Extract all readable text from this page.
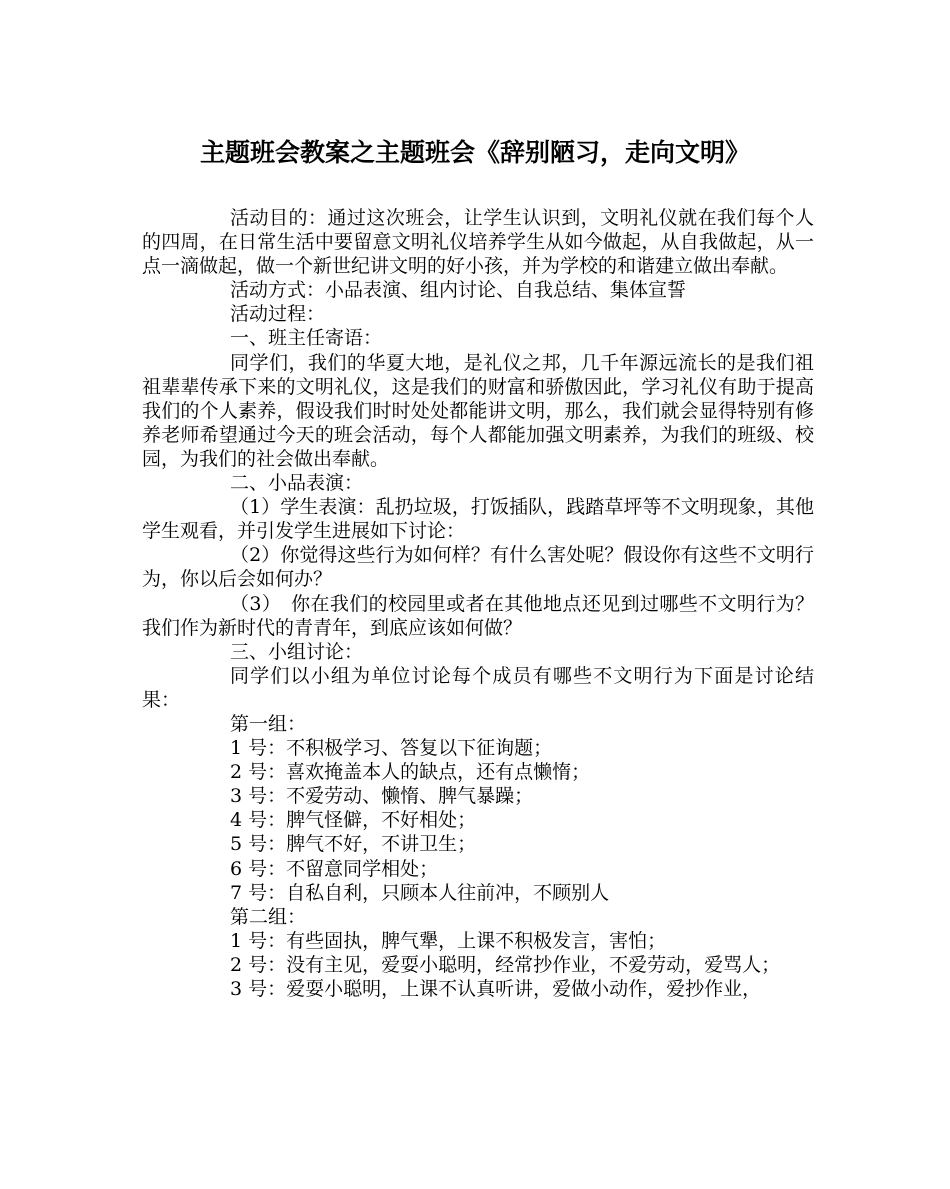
主题班会教案之主题班会《辞别陋习，走向文明》

活动目的：通过这次班会，让学生认识到，文明礼仪就在我们每个人的四周，在日常生活中要留意文明礼仪培养学生从如今做起，从自我做起，从一点一滴做起，做一个新世纪讲文明的好小孩，并为学校的和谐建立做出奉献。

活动方式：小品表演、组内讨论、自我总结、集体宣誓

活动过程：

一、班主任寄语：

同学们，我们的华夏大地，是礼仪之邦，几千年源远流长的是我们祖祖辈辈传承下来的文明礼仪，这是我们的财富和骄傲因此，学习礼仪有助于提高我们的个人素养，假设我们时时处处都能讲文明，那么，我们就会显得特别有修养老师希望通过今天的班会活动，每个人都能加强文明素养，为我们的班级、校园，为我们的社会做出奉献。

二、小品表演：

（1）学生表演：乱扔垃圾，打饭插队，践踏草坪等不文明现象，其他学生观看，并引发学生进展如下讨论：

（2）你觉得这些行为如何样？有什么害处呢？假设你有这些不文明行为，你以后会如何办？

（3）　你在我们的校园里或者在其他地点还见到过哪些不文明行为？我们作为新时代的青青年，到底应该如何做？

三、小组讨论：

同学们以小组为单位讨论每个成员有哪些不文明行为下面是讨论结果：

第一组：

1 号：不积极学习、答复以下征询题；

2 号：喜欢掩盖本人的缺点，还有点懒惰；

3 号：不爱劳动、懒惰、脾气暴躁；

4 号：脾气怪僻，不好相处；

5 号：脾气不好，不讲卫生；

6 号：不留意同学相处；

7 号：自私自利，只顾本人往前冲，不顾别人

第二组：

1 号：有些固执，脾气犟，上课不积极发言，害怕；

2 号：没有主见，爱耍小聪明，经常抄作业，不爱劳动，爱骂人；

3 号：爱耍小聪明，上课不认真听讲，爱做小动作，爱抄作业，
